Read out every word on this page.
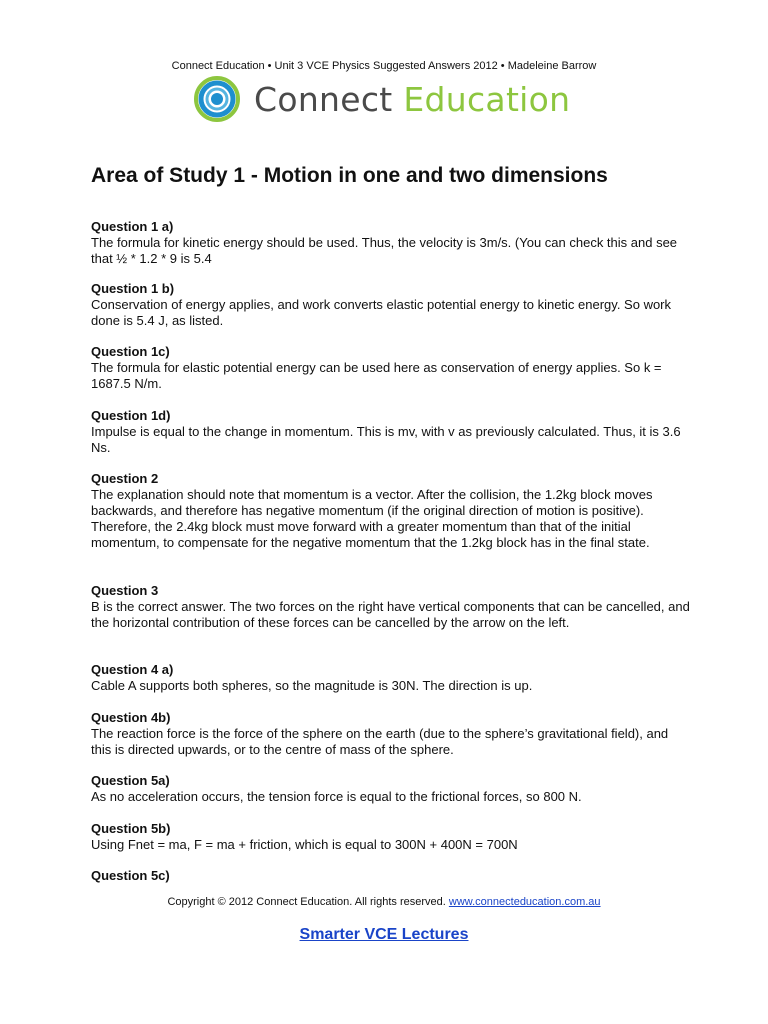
Connect Education • Unit 3 VCE Physics Suggested Answers 2012 • Madeleine Barrow
Connect Education
Area of Study 1 - Motion in one and two dimensions

Question 1 a)

The formula for kinetic energy should be used. Thus, the velocity is 3m/s. (You can check this and see that ½ * 1.2 * 9 is 5.4

Question 1 b)

Conservation of energy applies, and work converts elastic potential energy to kinetic energy. So work done is 5.4 J, as listed.

Question 1c)

The formula for elastic potential energy can be used here as conservation of energy applies. So k = 1687.5 N/m.

Question 1d)

Impulse is equal to the change in momentum. This is mv, with v as previously calculated. Thus, it is 3.6 Ns.

Question 2

The explanation should note that momentum is a vector. After the collision, the 1.2kg block moves backwards, and therefore has negative momentum (if the original direction of motion is positive). Therefore, the 2.4kg block must move forward with a greater momentum than that of the initial momentum, to compensate for the negative momentum that the 1.2kg block has in the final state.

Question 3

B is the correct answer. The two forces on the right have vertical components that can be cancelled, and the horizontal contribution of these forces can be cancelled by the arrow on the left.

Question 4 a)

Cable A supports both spheres, so the magnitude is 30N. The direction is up.

Question 4b)

The reaction force is the force of the sphere on the earth (due to the sphere’s gravitational field), and this is directed upwards, or to the centre of mass of the sphere.

Question 5a)

As no acceleration occurs, the tension force is equal to the frictional forces, so 800 N.

Question 5b)

Using Fnet = ma, F = ma + friction, which is equal to 300N + 400N = 700N

Question 5c)

Copyright © 2012 Connect Education. All rights reserved. www.connecteducation.com.au
Smarter VCE Lectures
